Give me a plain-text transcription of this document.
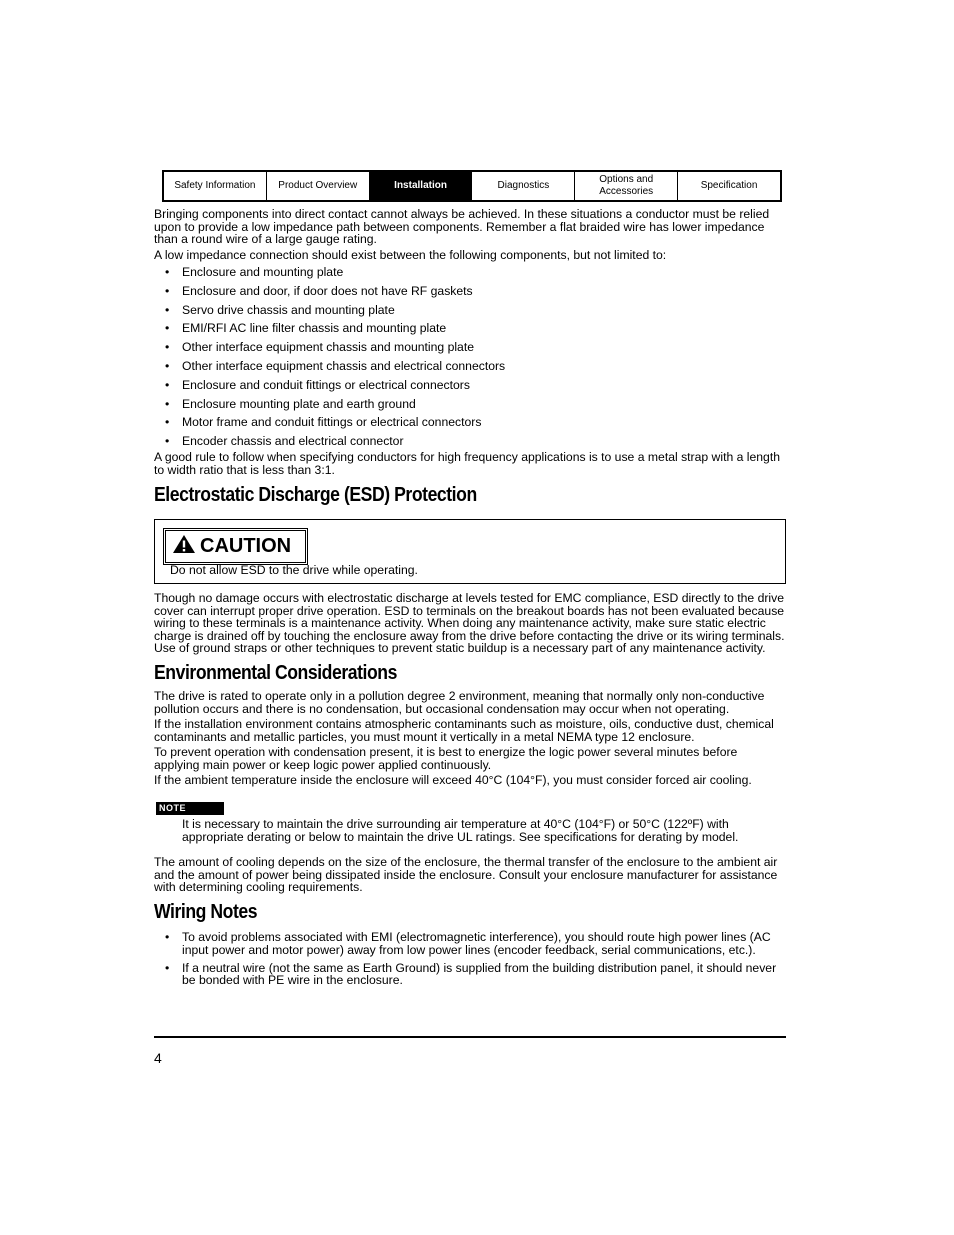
Safety Information Product Overview	Installation	Diagnostics
Options and
Accessories
Specification

Bringing components into direct contact cannot always be achieved. In these situations a conductor must be relied upon to provide a low impedance path between components. Remember a flat braided wire has lower impedance than a round wire of a large gauge rating.

A low impedance connection should exist between the following components, but not limited to:

• Enclosure and mounting plate
• Enclosure and door, if door does not have RF gaskets
• Servo drive chassis and mounting plate
• EMI/RFI AC line filter chassis and mounting plate
• Other interface equipment chassis and mounting plate
• Other interface equipment chassis and electrical connectors
• Enclosure and conduit fittings or electrical connectors
• Enclosure mounting plate and earth ground
• Motor frame and conduit fittings or electrical connectors
• Encoder chassis and electrical connector

A good rule to follow when specifying conductors for high frequency applications is to use a metal strap with a length to width ratio that is less than 3:1.

Electrostatic Discharge (ESD) Protection
CAUTION
Do not allow ESD to the drive while operating.

Though no damage occurs with electrostatic discharge at levels tested for EMC compliance, ESD directly to the drive cover can interrupt proper drive operation. ESD to terminals on the breakout boards has not been evaluated because wiring to these terminals is a maintenance activity. When doing any maintenance activity, make sure static electric charge is drained off by touching the enclosure away from the drive before contacting the drive or its wiring terminals. Use of ground straps or other techniques to prevent static buildup is a necessary part of any maintenance activity.

Environmental Considerations

The drive is rated to operate only in a pollution degree 2 environment, meaning that normally only non-conductive pollution occurs and there is no condensation, but occasional condensation may occur when not operating.

If the installation environment contains atmospheric contaminants such as moisture, oils, conductive dust, chemical contaminants and metallic particles, you must mount it vertically in a metal NEMA type 12 enclosure.

To prevent operation with condensation present, it is best to energize the logic power several minutes before applying main power or keep logic power applied continuously.

If the ambient temperature inside the enclosure will exceed 40°C (104°F), you must consider forced air cooling.

NOTE

It is necessary to maintain the drive surrounding air temperature at 40°C (104°F) or 50°C (122ºF) with appropriate derating or below to maintain the drive UL ratings. See specifications for derating by model.

The amount of cooling depends on the size of the enclosure, the thermal transfer of the enclosure to the ambient air and the amount of power being dissipated inside the enclosure. Consult your enclosure manufacturer for assistance with determining cooling requirements.

Wiring Notes
• To avoid problems associated with EMI (electromagnetic interference), you should route high power lines (AC input power and motor power) away from low power lines (encoder feedback, serial communications, etc.).
• If a neutral wire (not the same as Earth Ground) is supplied from the building distribution panel, it should never be bonded with PE wire in the enclosure.
4
